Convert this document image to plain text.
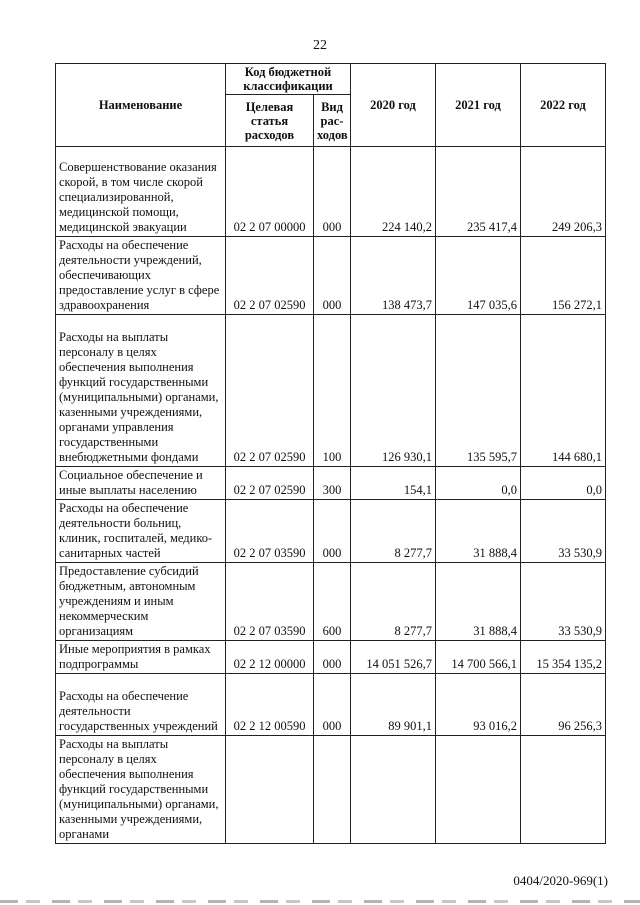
22
Наименование	Код бюджетной классификации		2020 год	2021 год	2022 год
	Целевая статья расходов	Вид рас-ходов			
Совершенствование оказания скорой, в том числе скорой специализированной, медицинской помощи, медицинской эвакуации	02 2 07 00000	000	224 140,2	235 417,4	249 206,3
Расходы на обеспечение деятельности учреждений, обеспечивающих предоставление услуг в сфере здравоохранения	02 2 07 02590	000	138 473,7	147 035,6	156 272,1
Расходы на выплаты персоналу в целях обеспечения выполнения функций государственными (муниципальными) органами, казенными учреждениями, органами управления государственными внебюджетными фондами	02 2 07 02590	100	126 930,1	135 595,7	144 680,1
Социальное обеспечение и иные выплаты населению	02 2 07 02590	300	154,1	0,0	0,0
Расходы на обеспечение деятельности больниц, клиник, госпиталей, медико-санитарных частей	02 2 07 03590	000	8 277,7	31 888,4	33 530,9
Предоставление субсидий бюджетным, автономным учреждениям и иным некоммерческим организациям	02 2 07 03590	600	8 277,7	31 888,4	33 530,9
Иные мероприятия в рамках подпрограммы	02 2 12 00000	000	14 051 526,7	14 700 566,1	15 354 135,2
Расходы на обеспечение деятельности государственных учреждений	02 2 12 00590	000	89 901,1	93 016,2	96 256,3
Расходы на выплаты персоналу в целях обеспечения выполнения функций государственными (муниципальными) органами, казенными учреждениями, органами					
0404/2020-969(1)
